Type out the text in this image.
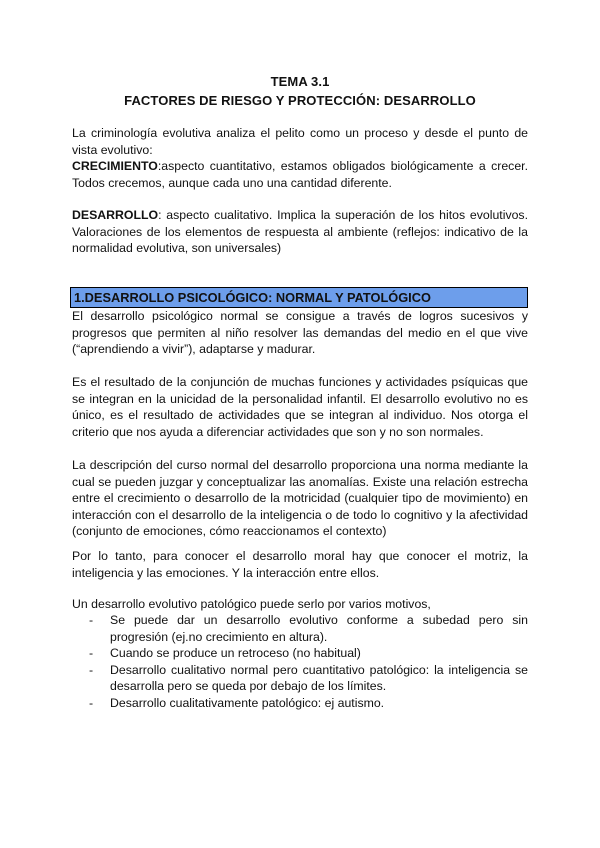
TEMA 3.1
FACTORES DE RIESGO Y PROTECCIÓN: DESARROLLO
La criminología evolutiva analiza el pelito como un proceso y desde el punto de vista evolutivo:
CRECIMIENTO:aspecto cuantitativo, estamos obligados biológicamente a crecer. Todos crecemos, aunque cada uno una cantidad diferente.
DESARROLLO: aspecto cualitativo. Implica la superación de los hitos evolutivos. Valoraciones de los elementos de respuesta al ambiente (reflejos: indicativo de la normalidad evolutiva, son universales)
1.DESARROLLO PSICOLÓGICO: NORMAL Y PATOLÓGICO
El desarrollo psicológico normal se consigue a través de logros sucesivos y progresos que permiten al niño resolver las demandas del medio en el que vive (“aprendiendo a vivir”), adaptarse y madurar.
Es el resultado de la conjunción de muchas funciones y actividades psíquicas que se integran en la unicidad de la personalidad infantil. El desarrollo evolutivo no es único, es el resultado de actividades que se integran al individuo. Nos otorga el criterio que nos ayuda a diferenciar actividades que son y no son normales.
La descripción del curso normal del desarrollo proporciona una norma mediante la cual se pueden juzgar y conceptualizar las anomalías. Existe una relación estrecha entre el crecimiento o desarrollo de la motricidad (cualquier tipo de movimiento) en interacción con el desarrollo de la inteligencia o de todo lo cognitivo y la afectividad (conjunto de emociones, cómo reaccionamos el contexto)
Por lo tanto, para conocer el desarrollo moral hay que conocer el motriz, la inteligencia y las emociones. Y la interacción entre ellos.
Un desarrollo evolutivo patológico puede serlo por varios motivos,
- Se puede dar un desarrollo evolutivo conforme a subedad pero sin progresión (ej.no crecimiento en altura).
- Cuando se produce un retroceso (no habitual)
- Desarrollo cualitativo normal pero cuantitativo patológico: la inteligencia se desarrolla pero se queda por debajo de los límites.
- Desarrollo cualitativamente patológico: ej autismo.
